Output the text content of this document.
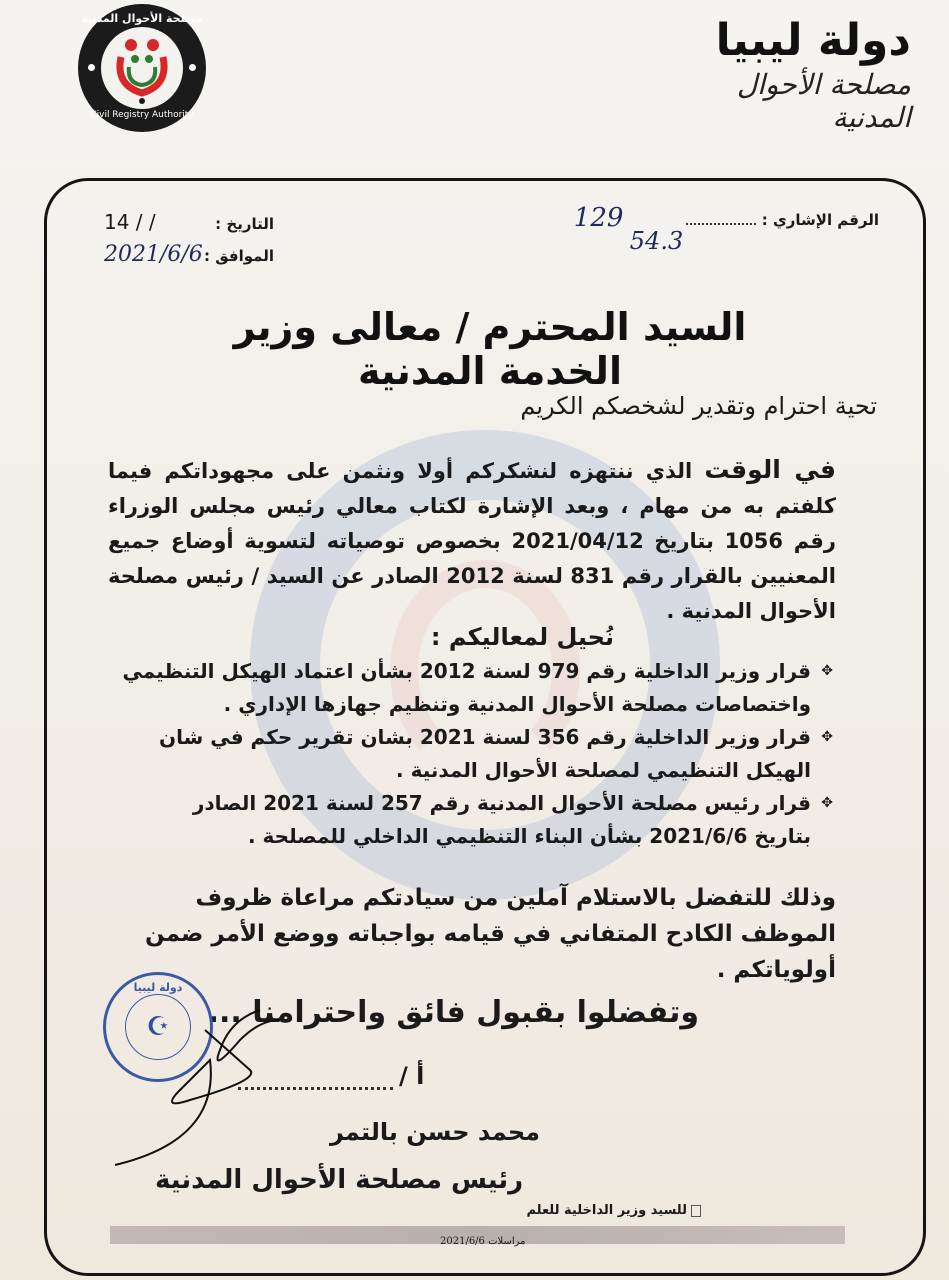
مصلحة الأحوال المدنية
Civil Registry Authority
دولة ليبيا
مصلحة الأحوال المدنية
التاريخ :
14 / /
الموافق :
2021/6/6
الرقم الإشاري :
129
54.3
السيد المحترم / معالى وزير الخدمة المدنية
تحية احترام وتقدير لشخصكم الكريم
في الوقت الذي ننتهزه لنشكركم أولا ونثمن على مجهوداتكم فيما كلفتم به من مهام ، وبعد الإشارة لكتاب معالي رئيس مجلس الوزراء رقم 1056 بتاريخ 2021/04/12 بخصوص توصياته لتسوية أوضاع جميع المعنيين بالقرار رقم 831 لسنة 2012 الصادر عن السيد / رئيس مصلحة الأحوال المدنية .
نُحيل لمعاليكم :
✥ قرار وزير الداخلية رقم 979 لسنة 2012 بشأن اعتماد الهيكل التنظيمي واختصاصات مصلحة الأحوال المدنية وتنظيم جهازها الإداري .
✥ قرار وزير الداخلية رقم 356 لسنة 2021 بشان تقرير حكم في شان الهيكل التنظيمي لمصلحة الأحوال المدنية .
✥ قرار رئيس مصلحة الأحوال المدنية رقم 257 لسنة 2021 الصادر بتاريخ 2021/6/6 بشأن البناء التنظيمي الداخلي للمصلحة .
وذلك للتفضل بالاستلام آملين من سيادتكم مراعاة ظروف الموظف الكادح المتفاني في قيامه بواجباته ووضع الأمر ضمن أولوياتكم .
وتفضلوا بقبول فائق واحترامنا ...
أ /
دولة ليبيا
☪
محمد حسن بالتمر
رئيس مصلحة الأحوال المدنية
للسيد وزير الداخلية للعلم
مراسلات 2021/6/6
